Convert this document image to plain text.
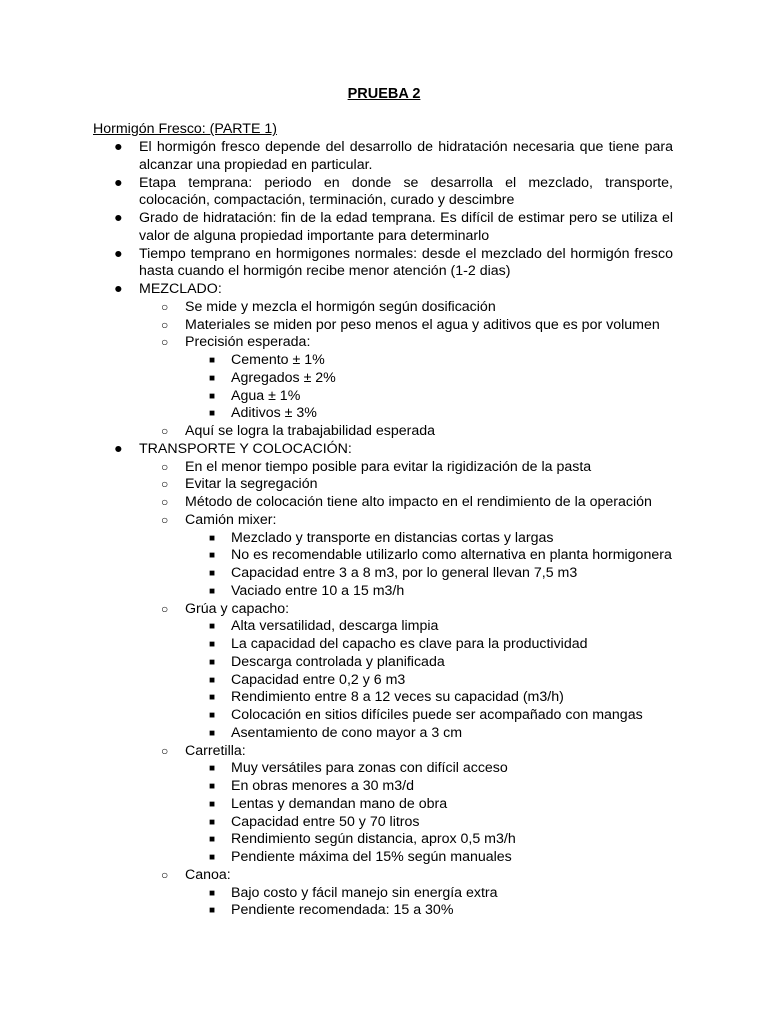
PRUEBA 2
Hormigón Fresco: (PARTE 1)
● El hormigón fresco depende del desarrollo de hidratación necesaria que tiene para alcanzar una propiedad en particular.
● Etapa temprana: periodo en donde se desarrolla el mezclado, transporte, colocación, compactación, terminación, curado y descimbre
● Grado de hidratación: fin de la edad temprana. Es difícil de estimar pero se utiliza el valor de alguna propiedad importante para determinarlo
● Tiempo temprano en hormigones normales: desde el mezclado del hormigón fresco hasta cuando el hormigón recibe menor atención (1-2 dias)
● MEZCLADO:
○ Se mide y mezcla el hormigón según dosificación
○ Materiales se miden por peso menos el agua y aditivos que es por volumen
○ Precisión esperada:
■ Cemento ± 1%
■ Agregados ± 2%
■ Agua ± 1%
■ Aditivos ± 3%
○ Aquí se logra la trabajabilidad esperada
● TRANSPORTE Y COLOCACIÓN:
○ En el menor tiempo posible para evitar la rigidización de la pasta
○ Evitar la segregación
○ Método de colocación tiene alto impacto en el rendimiento de la operación
○ Camión mixer:
■ Mezclado y transporte en distancias cortas y largas
■ No es recomendable utilizarlo como alternativa en planta hormigonera
■ Capacidad entre 3 a 8 m3, por lo general llevan 7,5 m3
■ Vaciado entre 10 a 15 m3/h
○ Grúa y capacho:
■ Alta versatilidad, descarga limpia
■ La capacidad del capacho es clave para la productividad
■ Descarga controlada y planificada
■ Capacidad entre 0,2 y 6 m3
■ Rendimiento entre 8 a 12 veces su capacidad (m3/h)
■ Colocación en sitios difíciles puede ser acompañado con mangas
■ Asentamiento de cono mayor a 3 cm
○ Carretilla:
■ Muy versátiles para zonas con difícil acceso
■ En obras menores a 30 m3/d
■ Lentas y demandan mano de obra
■ Capacidad entre 50 y 70 litros
■ Rendimiento según distancia, aprox 0,5 m3/h
■ Pendiente máxima del 15% según manuales
○ Canoa:
■ Bajo costo y fácil manejo sin energía extra
■ Pendiente recomendada: 15 a 30%
